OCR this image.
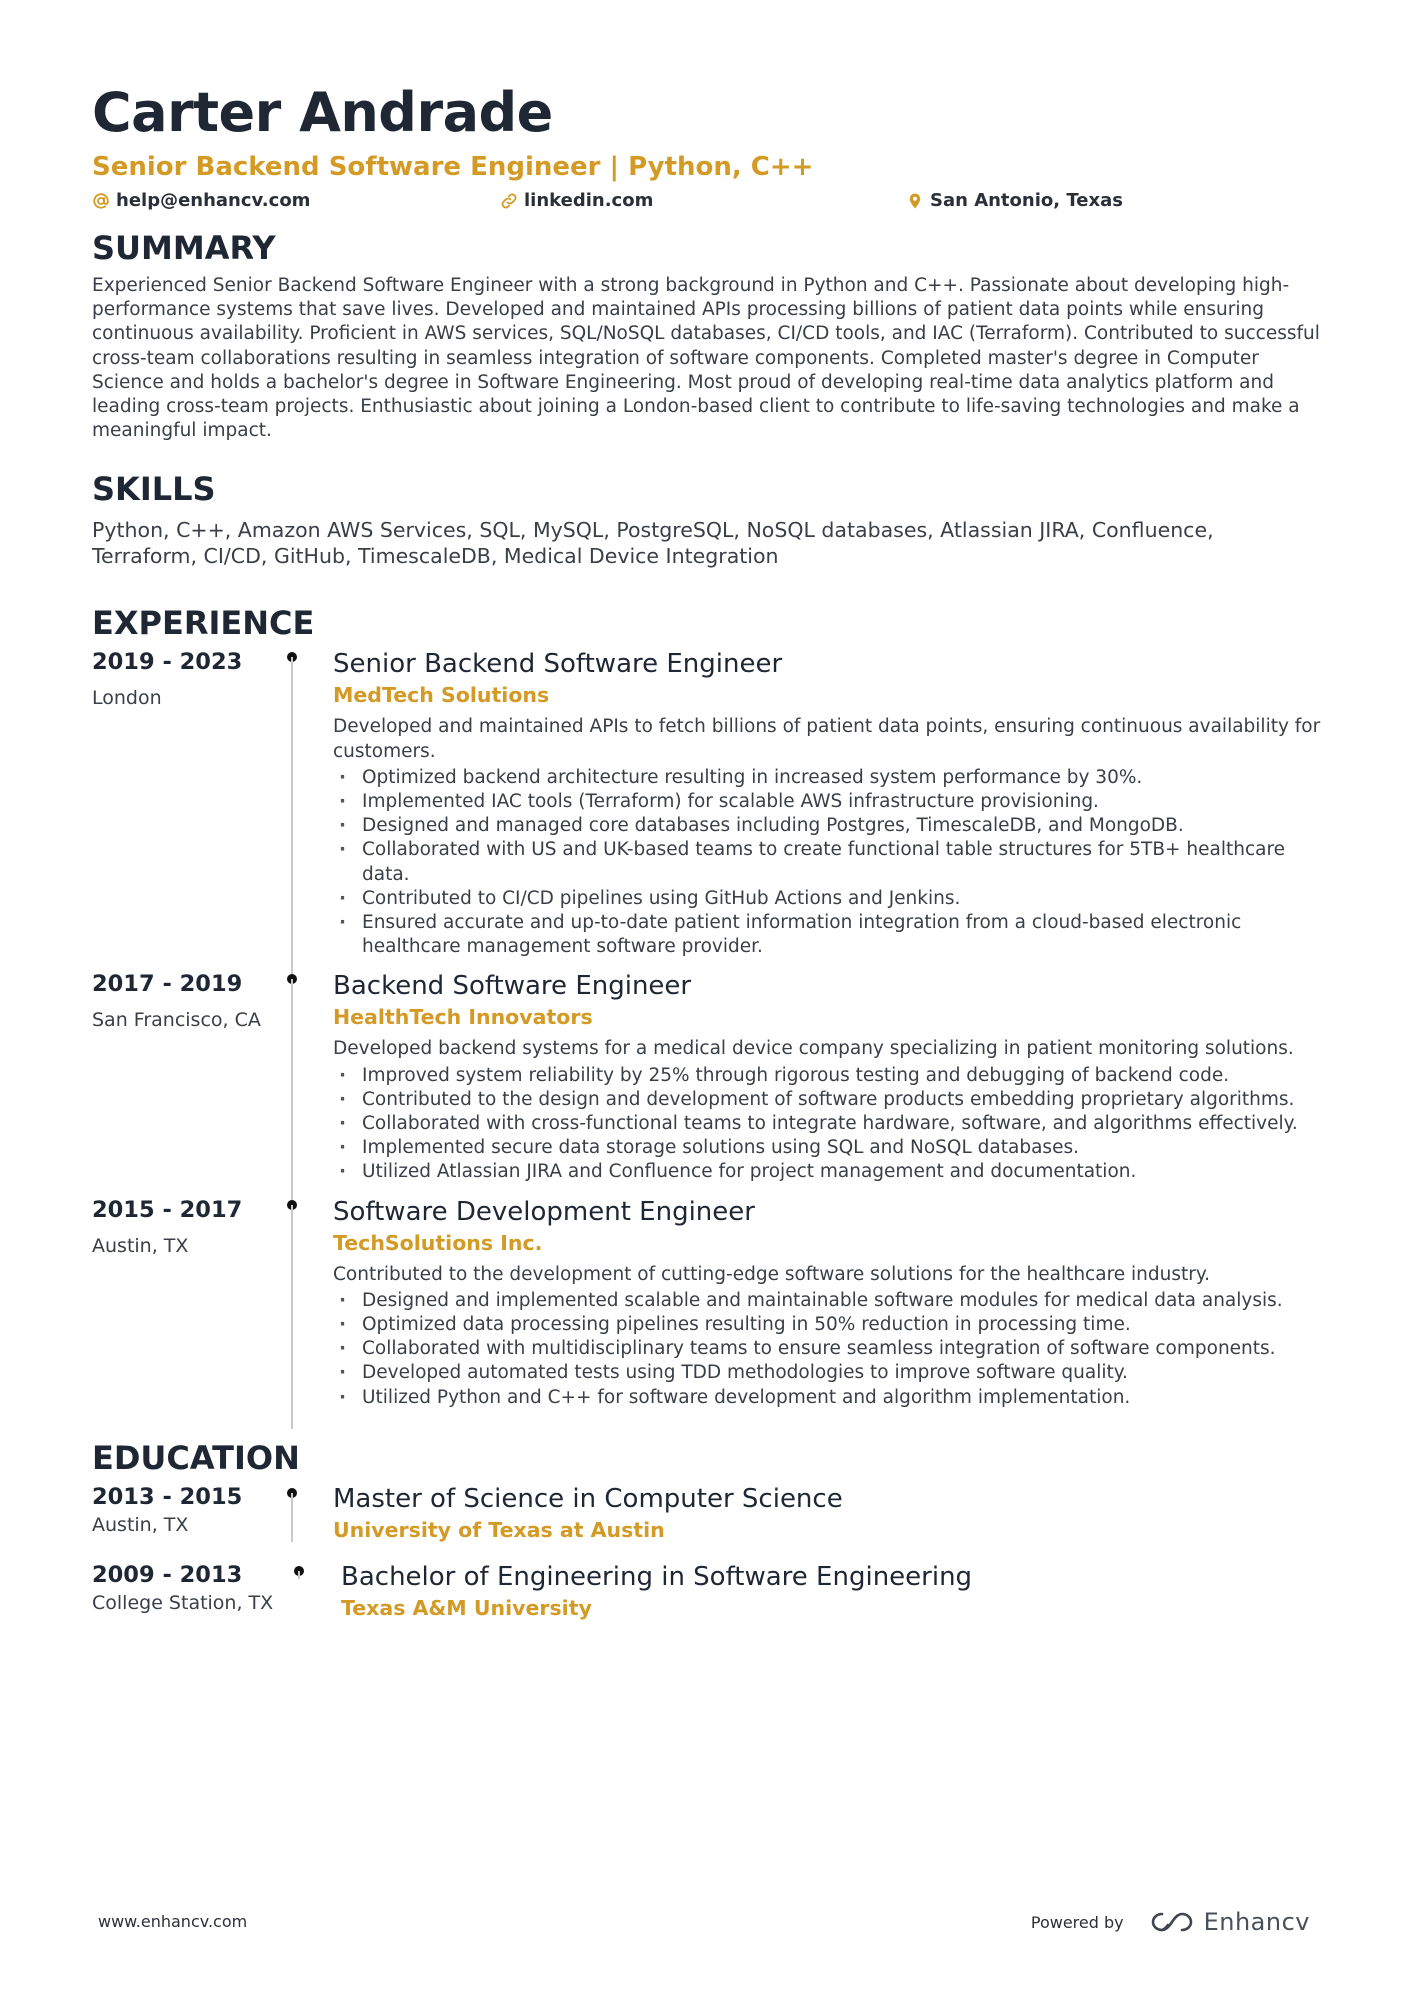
Carter Andrade
Senior Backend Software Engineer | Python, C++
help@enhancv.com	linkedin.com	San Antonio, Texas
SUMMARY

Experienced Senior Backend Software Engineer with a strong background in Python and C++. Passionate about developing high-performance systems that save lives. Developed and maintained APIs processing billions of patient data points while ensuring continuous availability. Proficient in AWS services, SQL/NoSQL databases, CI/CD tools, and IAC (Terraform). Contributed to successful cross-team collaborations resulting in seamless integration of software components. Completed master's degree in Computer Science and holds a bachelor's degree in Software Engineering. Most proud of developing real-time data analytics platform and leading cross-team projects. Enthusiastic about joining a London-based client to contribute to life-saving technologies and make a meaningful impact.

SKILLS

Python, C++, Amazon AWS Services, SQL, MySQL, PostgreSQL, NoSQL databases, Atlassian JIRA, Confluence, Terraform, CI/CD, GitHub, TimescaleDB, Medical Device Integration

EXPERIENCE
2019 - 2023
London
Senior Backend Software Engineer
MedTech Solutions
Developed and maintained APIs to fetch billions of patient data points, ensuring continuous availability for customers.
· Optimized backend architecture resulting in increased system performance by 30%.
· Implemented IAC tools (Terraform) for scalable AWS infrastructure provisioning.
· Designed and managed core databases including Postgres, TimescaleDB, and MongoDB.
· Collaborated with US and UK-based teams to create functional table structures for 5TB+ healthcare data.
· Contributed to CI/CD pipelines using GitHub Actions and Jenkins.
· Ensured accurate and up-to-date patient information integration from a cloud-based electronic healthcare management software provider.
2017 - 2019
San Francisco, CA
Backend Software Engineer
HealthTech Innovators
Developed backend systems for a medical device company specializing in patient monitoring solutions.
· Improved system reliability by 25% through rigorous testing and debugging of backend code.
· Contributed to the design and development of software products embedding proprietary algorithms.
· Collaborated with cross-functional teams to integrate hardware, software, and algorithms effectively.
· Implemented secure data storage solutions using SQL and NoSQL databases.
· Utilized Atlassian JIRA and Confluence for project management and documentation.
2015 - 2017
Austin, TX
Software Development Engineer
TechSolutions Inc.
Contributed to the development of cutting-edge software solutions for the healthcare industry.
· Designed and implemented scalable and maintainable software modules for medical data analysis.
· Optimized data processing pipelines resulting in 50% reduction in processing time.
· Collaborated with multidisciplinary teams to ensure seamless integration of software components.
· Developed automated tests using TDD methodologies to improve software quality.
· Utilized Python and C++ for software development and algorithm implementation.
EDUCATION
2013 - 2015
Austin, TX
Master of Science in Computer Science
University of Texas at Austin
2009 - 2013
College Station, TX
Bachelor of Engineering in Software Engineering
Texas A&M University
www.enhancv.com	Powered by	Enhancv
